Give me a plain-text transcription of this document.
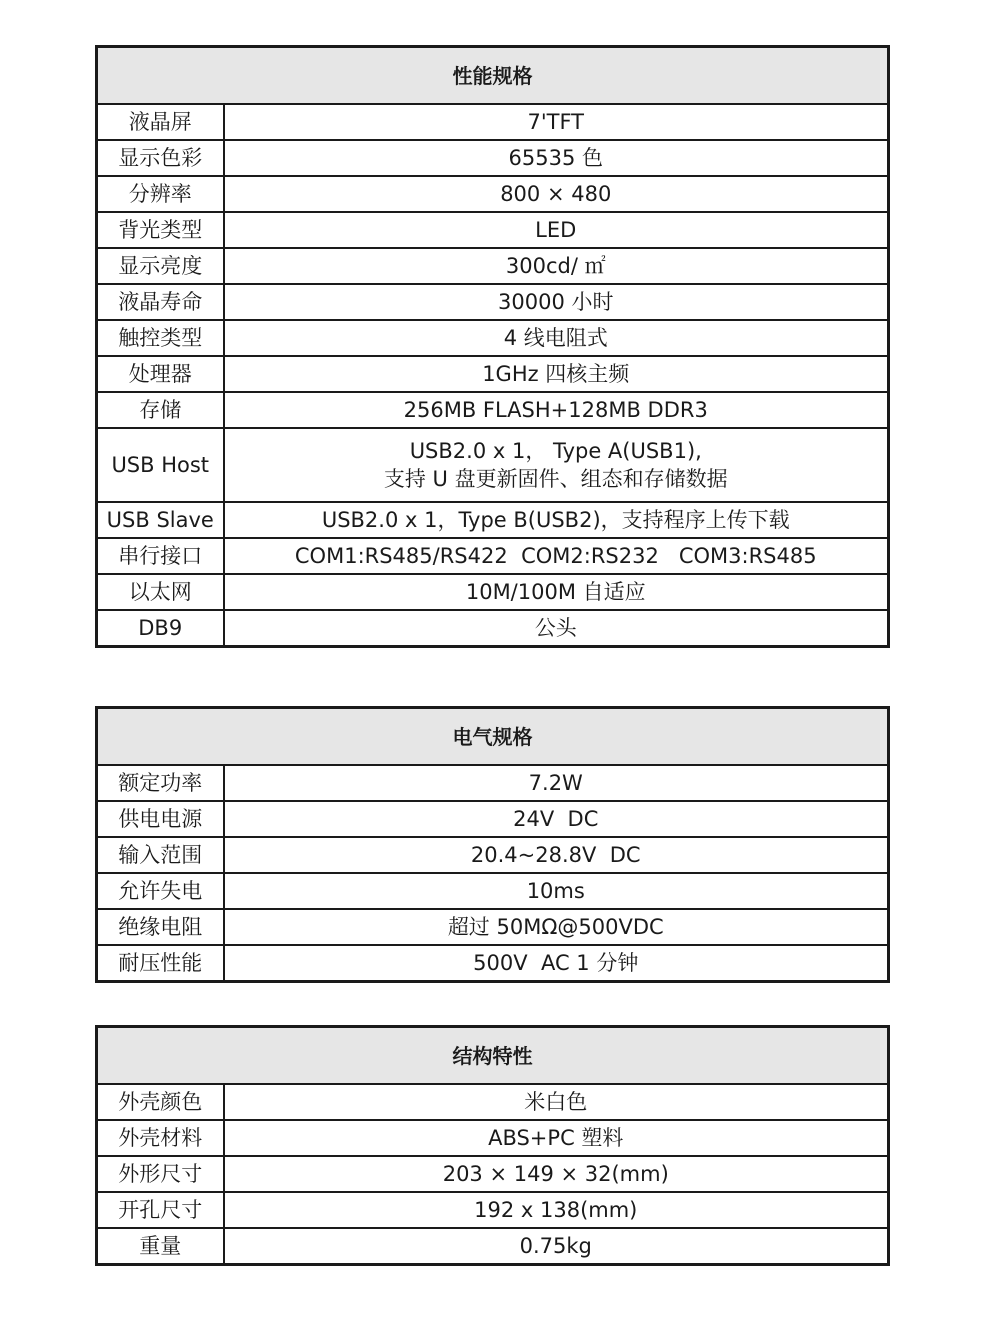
性能规格	
液晶屏	7'TFT
显示色彩	65535 色
分辨率	800 × 480
背光类型	LED
显示亮度	300cd/ ㎡
液晶寿命	30000 小时
触控类型	4 线电阻式
处理器	1GHz 四核主频
存储	256MB FLASH+128MB DDR3
USB Host	USB2.0 x 1， Type A(USB1),
支持 U 盘更新固件、组态和存储数据

USB Slave	USB2.0 x 1，Type B(USB2)，支持程序上传下载
串行接口	COM1:RS485/RS422  COM2:RS232   COM3:RS485
以太网	10M/100M 自适应
DB9	公头
电气规格	
额定功率	7.2W
供电电源	24V  DC
输入范围	20.4~28.8V  DC
允许失电	10ms
绝缘电阻	超过 50MΩ@500VDC
耐压性能	500V  AC 1 分钟
结构特性	
外壳颜色	米白色
外壳材料	ABS+PC 塑料
外形尺寸	203 × 149 × 32(mm)
开孔尺寸	192 x 138(mm)
重量	0.75kg
